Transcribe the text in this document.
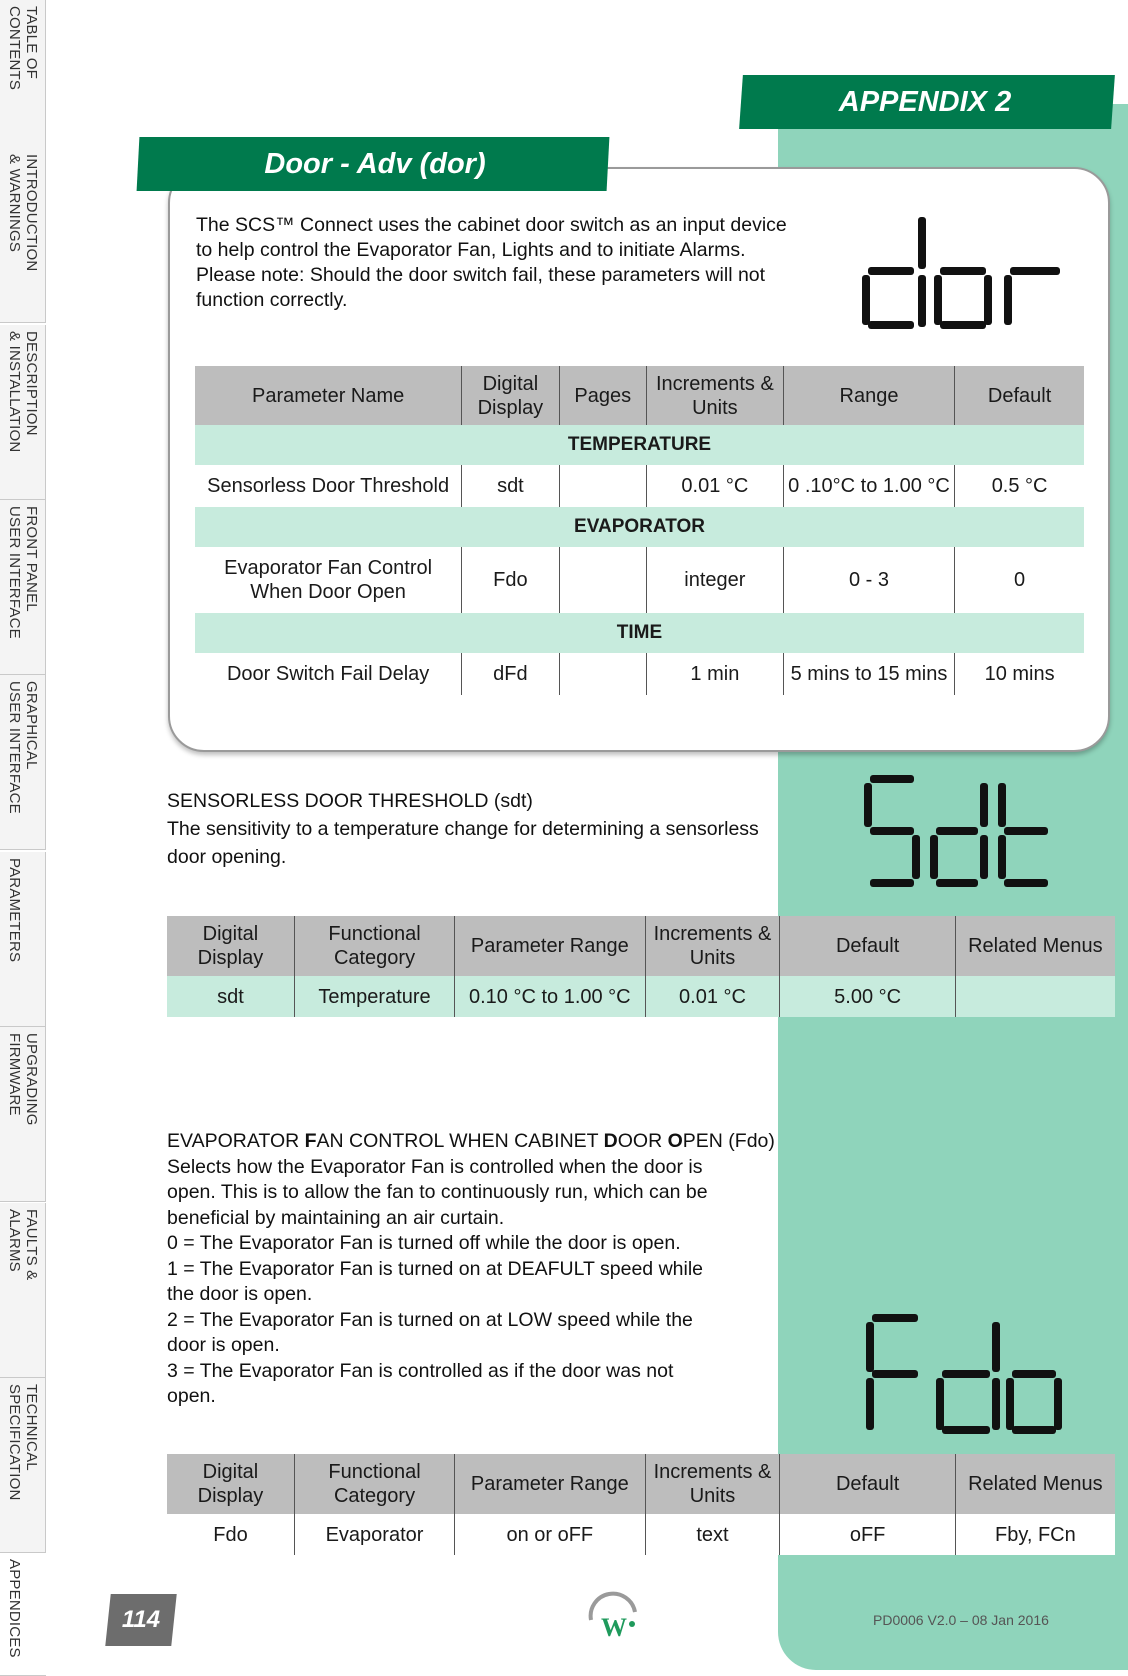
TABLE OF
CONTENTS
INTRODUCTION
& WARNINGS
DESCRIPTION
& INSTALLATION
FRONT PANEL
USER INTERFACE
GRAPHICAL
USER INTERFACE
PARAMETERS
UPGRADING
FIRMWARE
FAULTS &
ALARMS
TECHNICAL
SPECIFICATION
APPENDICES
APPENDIX 2
Door - Adv (dor)
The SCS™ Connect uses the cabinet door switch as an input device to help control the Evaporator Fan, Lights and to initiate Alarms. Please note: Should the door switch fail, these parameters will not function correctly.
Parameter Name	Digital Display	Pages	Increments & Units	Range	Default
TEMPERATURE					
Sensorless Door Threshold	sdt		0.01 °C	0 .10°C to 1.00 °C	0.5 °C
EVAPORATOR					
Evaporator Fan Control When Door Open	Fdo		integer	0 - 3	0
TIME					
Door Switch Fail Delay	dFd		1 min	5 mins to 15 mins	10 mins
SENSORLESS DOOR THRESHOLD (sdt)
The sensitivity to a temperature change for determining a sensorless door opening.
Digital Display	Functional Category	Parameter Range	Increments & Units	Default	Related Menus
sdt	Temperature	0.10 °C to 1.00 °C	0.01 °C	5.00 °C	
EVAPORATOR FAN CONTROL WHEN CABINET DOOR OPEN (Fdo)
Selects how the Evaporator Fan is controlled when the door is
open. This is to allow the fan to continuously run, which can be
beneficial by maintaining an air curtain.
0 = The Evaporator Fan is turned off while the door is open.
1 = The Evaporator Fan is turned on at DEAFULT speed while
the door is open.
2 = The Evaporator Fan is turned on at LOW speed while the
door is open.
3 = The Evaporator Fan is controlled as if the door was not
open.
Digital Display	Functional Category	Parameter Range	Increments & Units	Default	Related Menus
Fdo	Evaporator	on or oFF	text	oFF	Fby, FCn
114	W	PD0006 V2.0 – 08 Jan 2016
